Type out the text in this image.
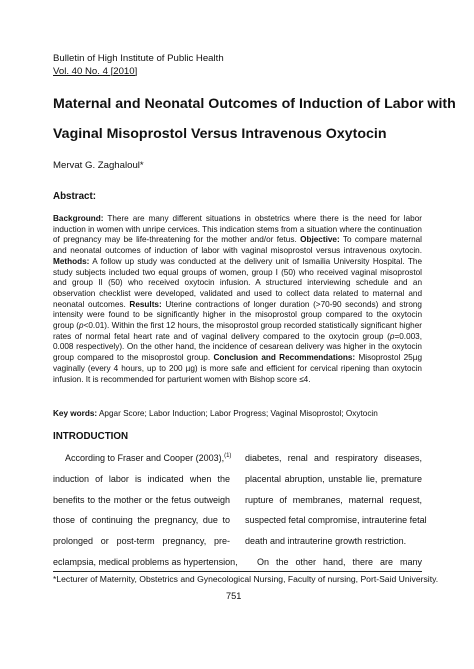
Bulletin of High Institute of Public Health
Vol. 40 No. 4 [2010]
Maternal and Neonatal Outcomes of Induction of Labor with
Vaginal Misoprostol Versus Intravenous Oxytocin
Mervat G. Zaghaloul*
Abstract:
Background: There are many different situations in obstetrics where there is the need for labor induction in women with unripe cervices. This indication stems from a situation where the continuation of pregnancy may be life-threatening for the mother and/or fetus. Objective: To compare maternal and neonatal outcomes of induction of labor with vaginal misoprostol versus intravenous oxytocin. Methods: A follow up study was conducted at the delivery unit of Ismailia University Hospital. The study subjects included two equal groups of women, group I (50) who received vaginal misoprostol and group II (50) who received oxytocin infusion. A structured interviewing schedule and an observation checklist were developed, validated and used to collect data related to maternal and neonatal outcomes. Results: Uterine contractions of longer duration (>70-90 seconds) and strong intensity were found to be significantly higher in the misoprostol group compared to the oxytocin group (p<0.01). Within the first 12 hours, the misoprostol group recorded statistically significant higher rates of normal fetal heart rate and of vaginal delivery compared to the oxytocin group (p=0.003, 0.008 respectively). On the other hand, the incidence of cesarean delivery was higher in the oxytocin group compared to the misoprostol group. Conclusion and Recommendations: Misoprostol 25µg vaginally (every 4 hours, up to 200 µg) is more safe and efficient for cervical ripening than oxytocin infusion. It is recommended for parturient women with Bishop score ≤4.
Key words: Apgar Score; Labor Induction; Labor Progress; Vaginal Misoprostol; Oxytocin
INTRODUCTION
According to Fraser and Cooper (2003),$^{(1)}$
induction of labor is indicated when the
benefits to the mother or the fetus outweigh
those of continuing the pregnancy, due to
prolonged or post-term pregnancy, pre-
eclampsia, medical problems as hypertension,
diabetes, renal and respiratory diseases,
placental abruption, unstable lie, premature
rupture of membranes, maternal request,
suspected fetal compromise, intrauterine fetal
death and intrauterine growth restriction.
On the other hand, there are many
*Lecturer of Maternity, Obstetrics and Gynecological Nursing, Faculty of nursing, Port-Said University.
751
